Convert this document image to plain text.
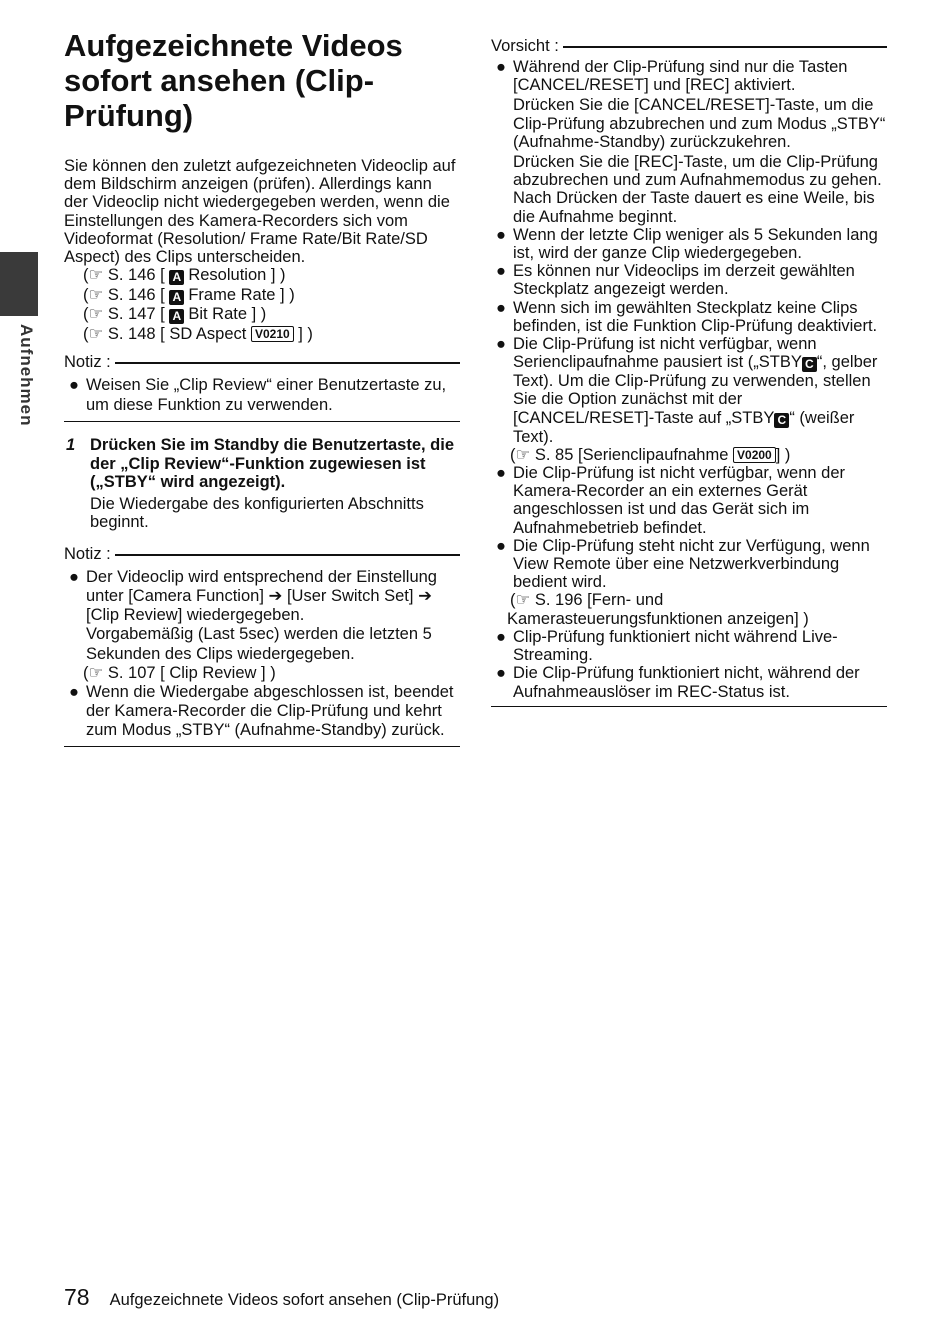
Aufnehmen
Aufgezeichnete Videos sofort ansehen (Clip-Prüfung)
Sie können den zuletzt aufgezeichneten Videoclip auf dem Bildschirm anzeigen (prüfen). Allerdings kann der Videoclip nicht wiedergegeben werden, wenn die Einstellungen des Kamera-Recorders sich vom Videoformat (Resolution/ Frame Rate/Bit Rate/SD Aspect) des Clips unterscheiden.
(☞ S. 146 [ A Resolution ] )
(☞ S. 146 [ A Frame Rate ] )
(☞ S. 147 [ A Bit Rate ] )
(☞ S. 148 [ SD Aspect V0210 ] )
Notiz :
● Weisen Sie „Clip Review“ einer Benutzertaste zu, um diese Funktion zu verwenden.
1 Drücken Sie im Standby die Benutzertaste, die der „Clip Review“-Funktion zugewiesen ist („STBY“ wird angezeigt).
Die Wiedergabe des konfigurierten Abschnitts beginnt.
Notiz :
● Der Videoclip wird entsprechend der Einstellung unter [Camera Function] ➔ [User Switch Set] ➔ [Clip Review] wiedergegeben.
Vorgabemäßig (Last 5sec) werden die letzten 5 Sekunden des Clips wiedergegeben.
(☞ S. 107 [ Clip Review ] )
● Wenn die Wiedergabe abgeschlossen ist, beendet der Kamera-Recorder die Clip-Prüfung und kehrt zum Modus „STBY“ (Aufnahme-Standby) zurück.
Vorsicht :
● Während der Clip-Prüfung sind nur die Tasten [CANCEL/RESET] und [REC] aktiviert.
Drücken Sie die [CANCEL/RESET]-Taste, um die Clip-Prüfung abzubrechen und zum Modus „STBY“ (Aufnahme-Standby) zurückzukehren.
Drücken Sie die [REC]-Taste, um die Clip-Prüfung abzubrechen und zum Aufnahmemodus zu gehen. Nach Drücken der Taste dauert es eine Weile, bis die Aufnahme beginnt.
● Wenn der letzte Clip weniger als 5 Sekunden lang ist, wird der ganze Clip wiedergegeben.
● Es können nur Videoclips im derzeit gewählten Steckplatz angezeigt werden.
● Wenn sich im gewählten Steckplatz keine Clips befinden, ist die Funktion Clip-Prüfung deaktiviert.
● Die Clip-Prüfung ist nicht verfügbar, wenn Serienclipaufnahme pausiert ist („STBY C “, gelber Text). Um die Clip-Prüfung zu verwenden, stellen Sie die Option zunächst mit der [CANCEL/RESET]-Taste auf „STBY C “ (weißer Text).
(☞ S. 85 [Serienclipaufnahme V0200 ] )
● Die Clip-Prüfung ist nicht verfügbar, wenn der Kamera-Recorder an ein externes Gerät angeschlossen ist und das Gerät sich im Aufnahmebetrieb befindet.
● Die Clip-Prüfung steht nicht zur Verfügung, wenn View Remote über eine Netzwerkverbindung bedient wird.
(☞ S. 196 [Fern- und
Kamerasteuerungsfunktionen anzeigen] )
● Clip-Prüfung funktioniert nicht während Live-Streaming.
● Die Clip-Prüfung funktioniert nicht, während der Aufnahmeauslöser im REC-Status ist.
78 Aufgezeichnete Videos sofort ansehen (Clip-Prüfung)
